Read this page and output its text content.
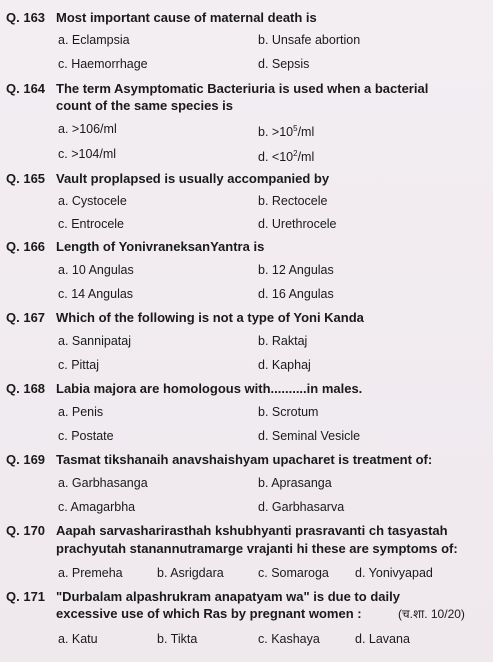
Q. 163 Most important cause of maternal death is
a. Eclampsia	b. Unsafe abortion
c. Haemorrhage	d. Sepsis
Q. 164 The term Asymptomatic Bacteriuria is used when a bacterial
count of the same species is
a. >106/ml	b. $>10^5/ml$
c. >104/ml	d. $<10^2/ml$
Q. 165 Vault proplapsed is usually accompanied by
a. Cystocele	b. Rectocele
c. Entrocele	d. Urethrocele
Q. 166 Length of YonivraneksanYantra is
a. 10 Angulas	b. 12 Angulas
c. 14 Angulas	d. 16 Angulas
Q. 167 Which of the following is not a type of Yoni Kanda
a. Sannipataj	b. Raktaj
c. Pittaj	d. Kaphaj
Q. 168 Labia majora are homologous with..........in males.
a. Penis	b. Scrotum
c. Postate	d. Seminal Vesicle
Q. 169 Tasmat tikshanaih anavshaishyam upacharet is treatment of:
a. Garbhasanga	b. Aprasanga
c. Amagarbha	d. Garbhasarva
Q. 170 Aapah sarvasharirasthah kshubhyanti prasravanti ch tasyastah
prachyutah stanannutramarge vrajanti hi these are symptoms of:
a. Premeha	b. Asrigdara	c. Somaroga d. Yonivyapad
Q. 171 "Durbalam alpashrukram anapatyam wa" is due to daily
excessive use of which Ras by pregnant women :	(च.शा. 10/20)
a. Katu	b. Tikta	c. Kashaya	d. Lavana
